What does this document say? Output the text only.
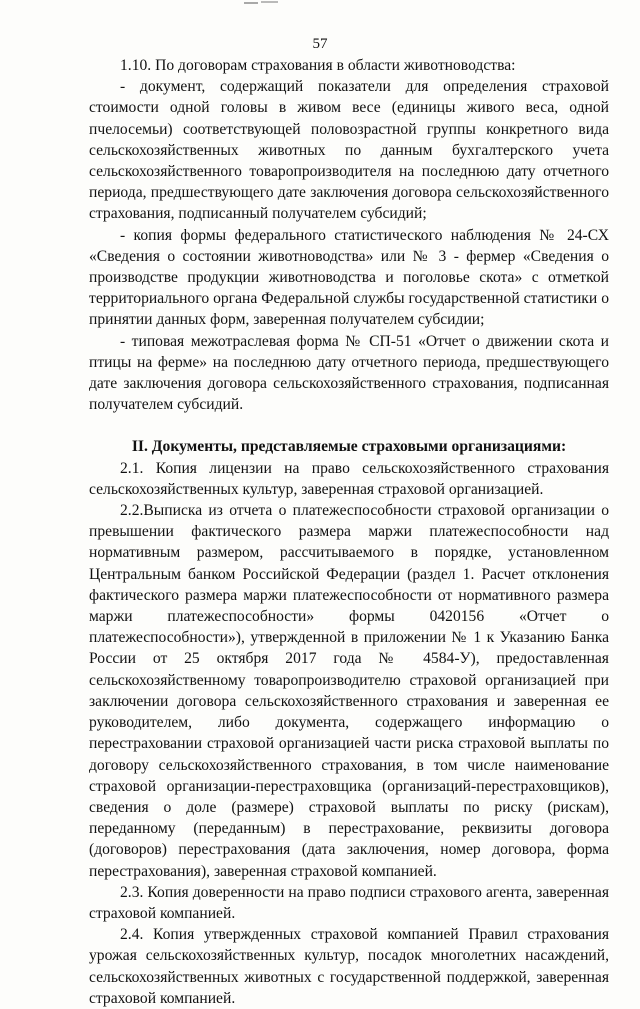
57

1.10. По договорам страхования в области животноводства:

- документ, содержащий показатели для определения страховой стоимости одной головы в живом весе (единицы живого веса, одной пчелосемьи) соответствующей половозрастной группы конкретного вида сельскохозяйственных животных по данным бухгалтерского учета сельскохозяйственного товаропроизводителя на последнюю дату отчетного периода, предшествующего дате заключения договора сельскохозяйственного страхования, подписанный получателем субсидий;

- копия формы федерального статистического наблюдения № 24-СХ «Сведения о состоянии животноводства» или № 3 - фермер «Сведения о производстве продукции животноводства и поголовье скота» с отметкой территориального органа Федеральной службы государственной статистики о принятии данных форм, заверенная получателем субсидии;

- типовая межотраслевая форма № СП-51 «Отчет о движении скота и птицы на ферме» на последнюю дату отчетного периода, предшествующего дате заключения договора сельскохозяйственного страхования, подписанная получателем субсидий.

II. Документы, представляемые страховыми организациями:

2.1. Копия лицензии на право сельскохозяйственного страхования сельскохозяйственных культур, заверенная страховой организацией.

2.2.Выписка из отчета о платежеспособности страховой организации о превышении фактического размера маржи платежеспособности над нормативным размером, рассчитываемого в порядке, установленном Центральным банком Российской Федерации (раздел 1. Расчет отклонения фактического размера маржи платежеспособности от нормативного размера маржи платежеспособности» формы 0420156 «Отчет о платежеспособности»), утвержденной в приложении № 1 к Указанию Банка России от 25 октября 2017 года № 4584-У), предоставленная сельскохозяйственному товаропроизводителю страховой организацией при заключении договора сельскохозяйственного страхования и заверенная ее руководителем, либо документа, содержащего информацию о перестраховании страховой организацией части риска страховой выплаты по договору сельскохозяйственного страхования, в том числе наименование страховой организации-перестраховщика (организаций-перестраховщиков), сведения о доле (размере) страховой выплаты по риску (рискам), переданному (переданным) в перестрахование, реквизиты договора (договоров) перестрахования (дата заключения, номер договора, форма перестрахования), заверенная страховой компанией.

2.3. Копия доверенности на право подписи страхового агента, заверенная страховой компанией.

2.4. Копия утвержденных страховой компанией Правил страхования урожая сельскохозяйственных культур, посадок многолетних насаждений, сельскохозяйственных животных с государственной поддержкой, заверенная страховой компанией.
